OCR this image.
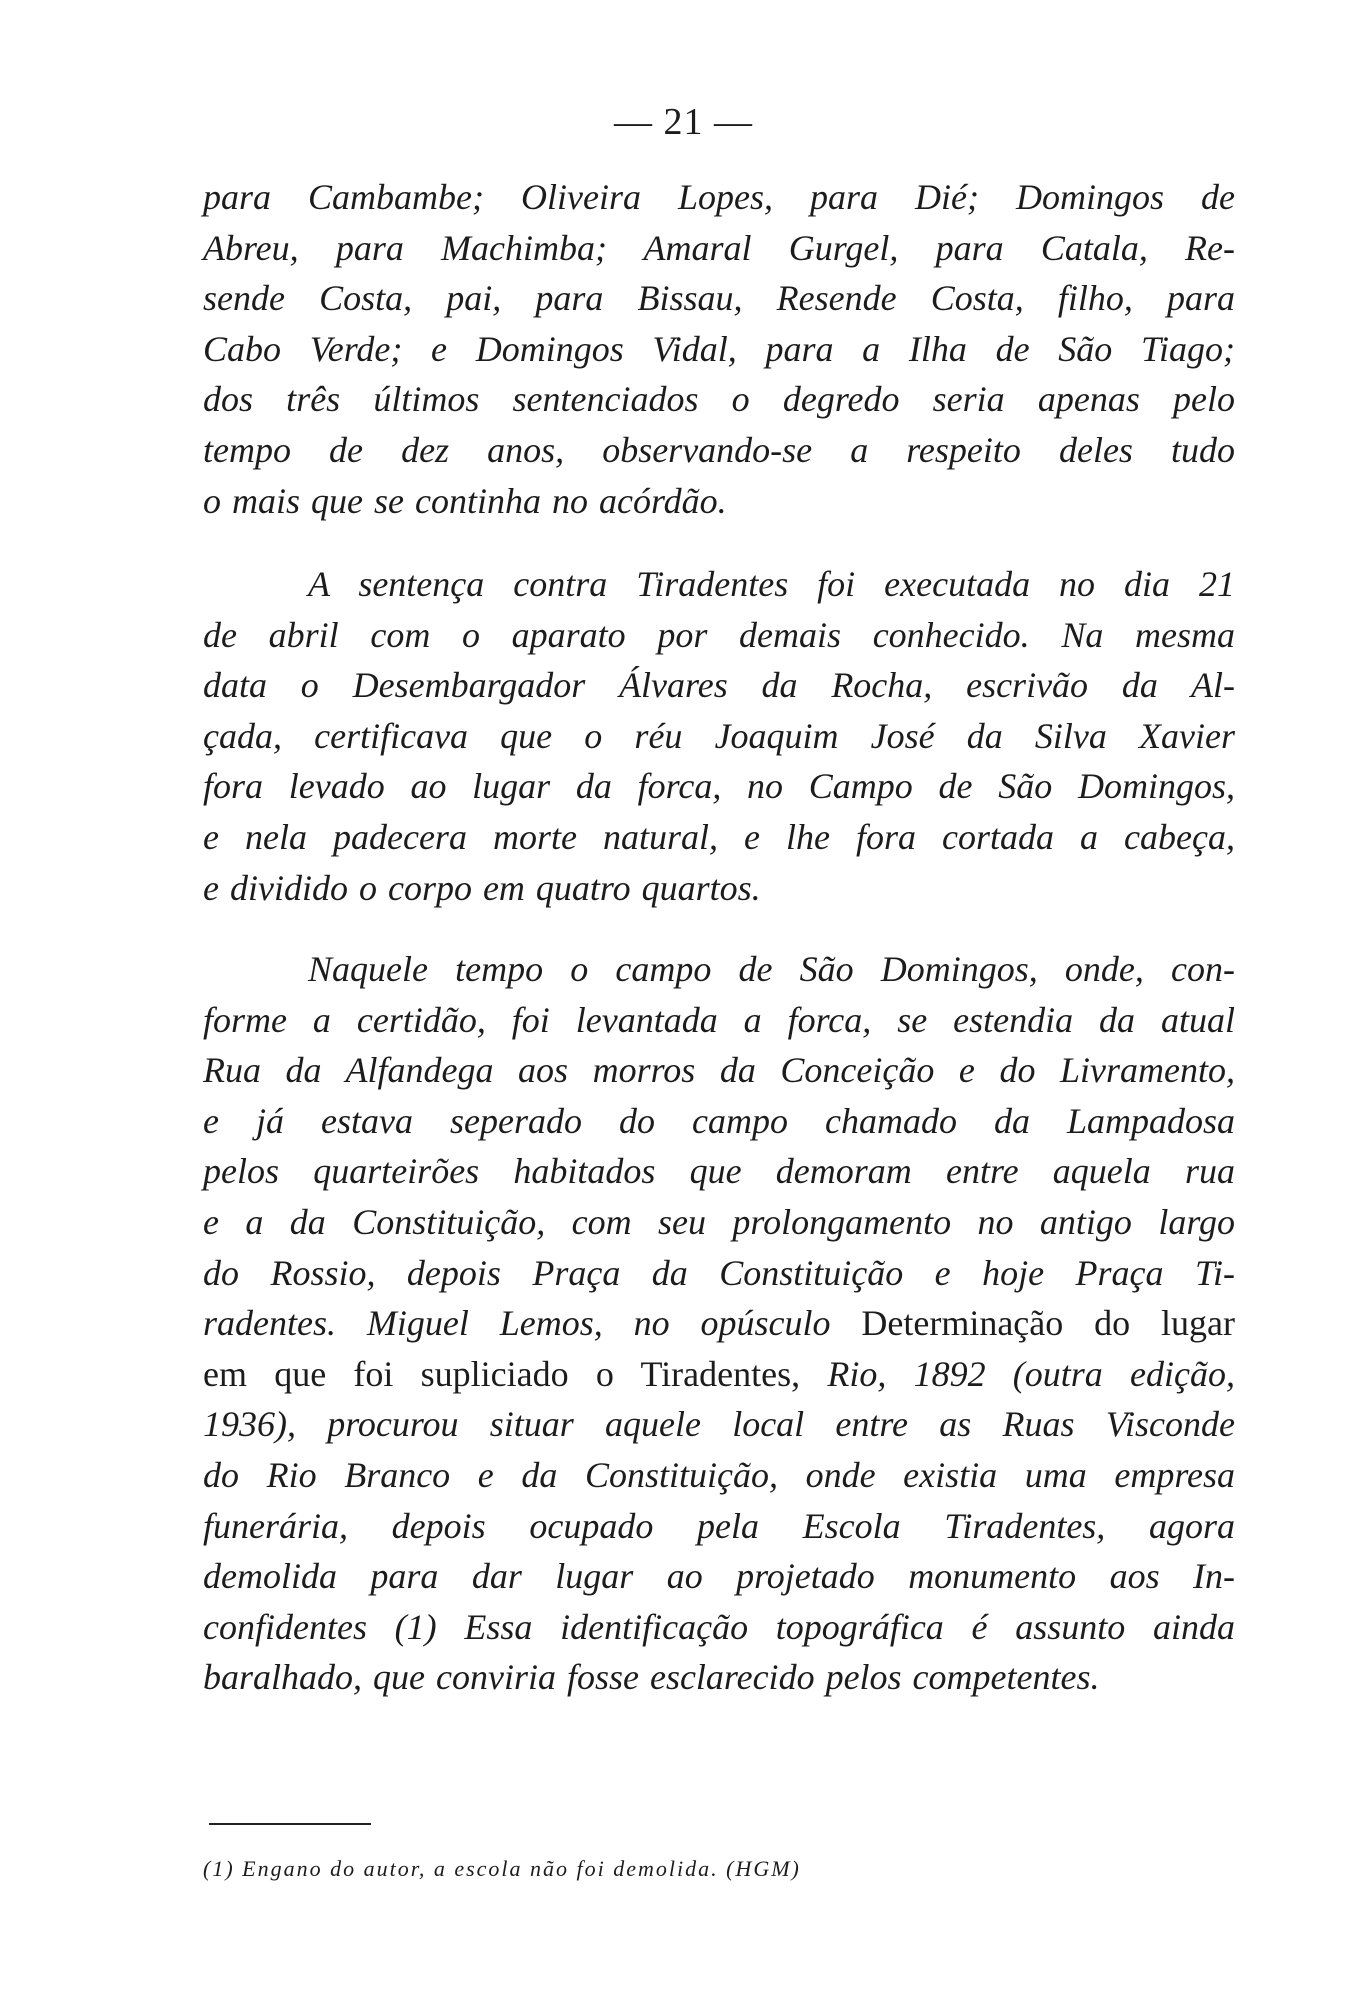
— 21 —
para Cambambe; Oliveira Lopes, para Dié; Domingos de
Abreu, para Machimba; Amaral Gurgel, para Catala, Re-
sende Costa, pai, para Bissau, Resende Costa, filho, para
Cabo Verde; e Domingos Vidal, para a Ilha de São Tiago;
dos três últimos sentenciados o degredo seria apenas pelo
tempo de dez anos, observando-se a respeito deles tudo
o mais que se continha no acórdão.
A sentença contra Tiradentes foi executada no dia 21
de abril com o aparato por demais conhecido. Na mesma
data o Desembargador Álvares da Rocha, escrivão da Al-
çada, certificava que o réu Joaquim José da Silva Xavier
fora levado ao lugar da forca, no Campo de São Domingos,
e nela padecera morte natural, e lhe fora cortada a cabeça,
e dividido o corpo em quatro quartos.
Naquele tempo o campo de São Domingos, onde, con-
forme a certidão, foi levantada a forca, se estendia da atual
Rua da Alfandega aos morros da Conceição e do Livramento,
e já estava seperado do campo chamado da Lampadosa
pelos quarteirões habitados que demoram entre aquela rua
e a da Constituição, com seu prolongamento no antigo largo
do Rossio, depois Praça da Constituição e hoje Praça Ti-
radentes. Miguel Lemos, no opúsculo Determinação do lugar
em que foi supliciado o Tiradentes, Rio, 1892 (outra edição,
1936), procurou situar aquele local entre as Ruas Visconde
do Rio Branco e da Constituição, onde existia uma empresa
funerária, depois ocupado pela Escola Tiradentes, agora
demolida para dar lugar ao projetado monumento aos In-
confidentes (1) Essa identificação topográfica é assunto ainda
baralhado, que conviria fosse esclarecido pelos competentes.
(1) Engano do autor, a escola não foi demolida. (HGM)
